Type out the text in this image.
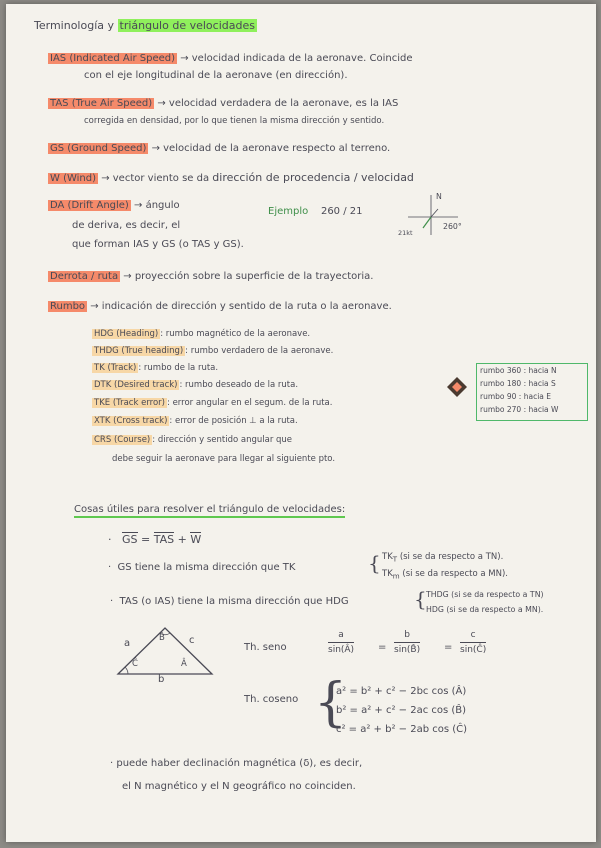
Terminología y triángulo de velocidades
IAS (Indicated Air Speed) → velocidad indicada de la aeronave. Coincide
con el eje longitudinal de la aeronave (en dirección).
TAS (True Air Speed) → velocidad verdadera de la aeronave, es la IAS
corregida en densidad, por lo que tienen la misma dirección y sentido.
GS (Ground Speed) → velocidad de la aeronave respecto al terreno.
W (Wind) → vector viento se da dirección de procedencia / velocidad
DA (Drift Angle) → ángulo
de deriva, es decir, el
que forman IAS y GS (o TAS y GS).
Ejemplo 260 / 21
N
260°
21kt
Derrota / ruta → proyección sobre la superficie de la trayectoria.
Rumbo → indicación de dirección y sentido de la ruta o la aeronave.
HDG (Heading) : rumbo magnético de la aeronave.
THDG (True heading) : rumbo verdadero de la aeronave.
TK (Track) : rumbo de la ruta.
DTK (Desired track) : rumbo deseado de la ruta.
TKE (Track error) : error angular en el segum. de la ruta.
XTK (Cross track) : error de posición ⊥ a la ruta.
CRS (Course) : dirección y sentido angular que
debe seguir la aeronave para llegar al siguiente pto.
rumbo 360 : hacia N
rumbo 180 : hacia S
rumbo 90 : hacia E
rumbo 270 : hacia W
Cosas útiles para resolver el triángulo de velocidades:
· GS = TAS + W
· GS tiene la misma dirección que TK	{ $TK_T$ (si se da respecto a TN).
$TK_m$ (si se da respecto a MN).
· TAS (o IAS) tiene la misma dirección que HDG	{ THDG (si se da respecto a TN)
HDG (si se da respecto a MN).
a	c
b
B̂
Ĉ	Â
Th. seno	$\frac{a}{\sin(Â)} = \frac{b}{\sin(B̂)} = \frac{c}{\sin(Ĉ)}$
Th. coseno {
a² = b² + c² − 2bc cos (Â)
b² = a² + c² − 2ac cos (B̂)
c² = a² + b² − 2ab cos (Ĉ)
· puede haber declinación magnética (δ), es decir,
el N magnético y el N geográfico no coinciden.
